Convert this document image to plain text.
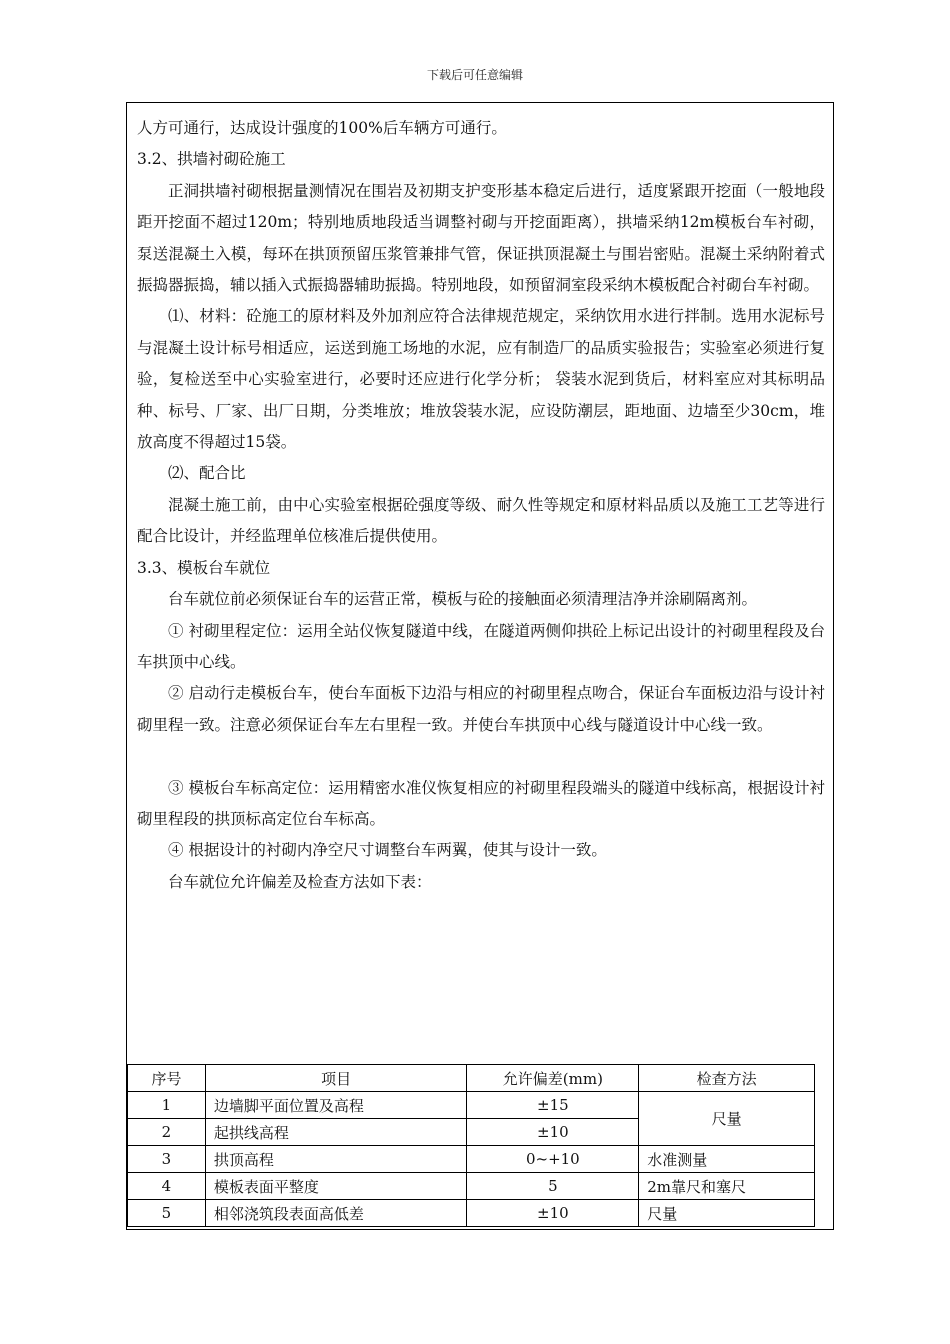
下载后可任意编辑

人方可通行，达成设计强度的100%后车辆方可通行。

3.2、拱墙衬砌砼施工

正洞拱墙衬砌根据量测情况在围岩及初期支护变形基本稳定后进行，适度紧跟开挖面（一般地段距开挖面不超过120m；特别地质地段适当调整衬砌与开挖面距离），拱墙采纳12m模板台车衬砌，泵送混凝土入模，每环在拱顶预留压浆管兼排气管，保证拱顶混凝土与围岩密贴。混凝土采纳附着式振捣器振捣，辅以插入式振捣器辅助振捣。特别地段，如预留洞室段采纳木模板配合衬砌台车衬砌。

⑴、材料：砼施工的原材料及外加剂应符合法律规范规定，采纳饮用水进行拌制。选用水泥标号与混凝土设计标号相适应，运送到施工场地的水泥，应有制造厂的品质实验报告；实验室必须进行复验，复检送至中心实验室进行，必要时还应进行化学分析； 袋装水泥到货后，材料室应对其标明品种、标号、厂家、出厂日期，分类堆放；堆放袋装水泥，应设防潮层，距地面、边墙至少30cm，堆放高度不得超过15袋。

⑵、配合比

混凝土施工前，由中心实验室根据砼强度等级、耐久性等规定和原材料品质以及施工工艺等进行配合比设计，并经监理单位核准后提供使用。

3.3、模板台车就位

台车就位前必须保证台车的运营正常，模板与砼的接触面必须清理洁净并涂刷隔离剂。

① 衬砌里程定位：运用全站仪恢复隧道中线，在隧道两侧仰拱砼上标记出设计的衬砌里程段及台车拱顶中心线。

② 启动行走模板台车，使台车面板下边沿与相应的衬砌里程点吻合，保证台车面板边沿与设计衬砌里程一致。注意必须保证台车左右里程一致。并使台车拱顶中心线与隧道设计中心线一致。

③ 模板台车标高定位：运用精密水准仪恢复相应的衬砌里程段端头的隧道中线标高，根据设计衬砌里程段的拱顶标高定位台车标高。

④ 根据设计的衬砌内净空尺寸调整台车两翼，使其与设计一致。

台车就位允许偏差及检查方法如下表：

序号	项目	允许偏差(mm)	检查方法
1	边墙脚平面位置及高程	±15	尺量
2	起拱线高程	±10	
3	拱顶高程	0~+10	水准测量
4	模板表面平整度	5	2m靠尺和塞尺
5	相邻浇筑段表面高低差	±10	尺量
